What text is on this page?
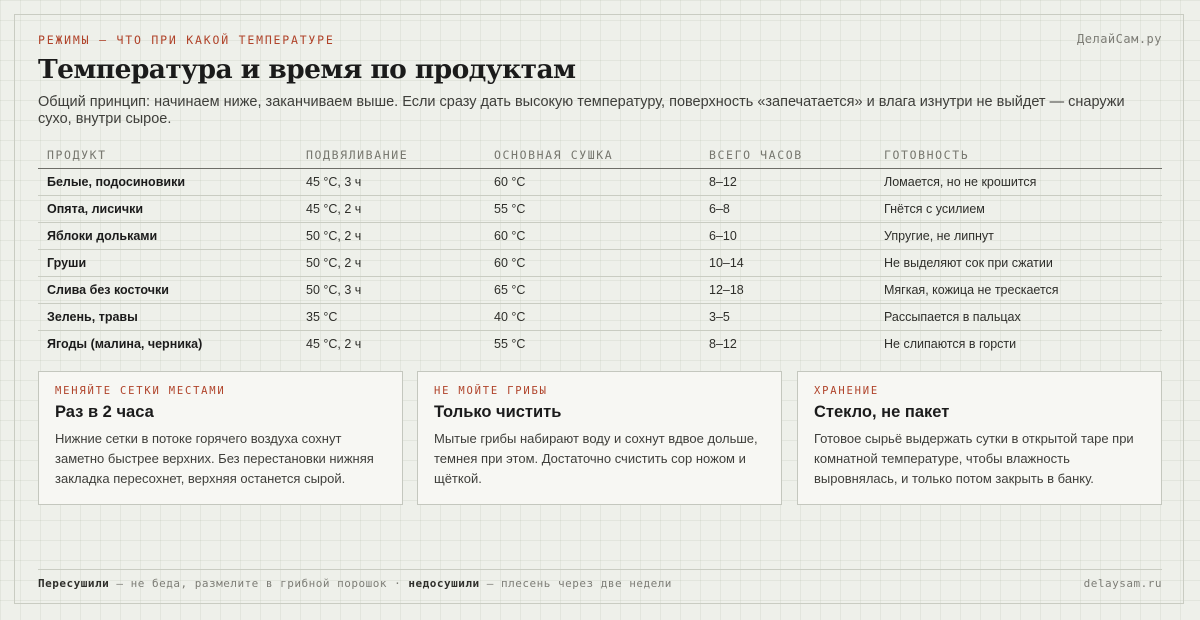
РЕЖИМЫ — ЧТО ПРИ КАКОЙ ТЕМПЕРАТУРЕ	ДелайСам.ру
Температура и время по продуктам

Общий принцип: начинаем ниже, заканчиваем выше. Если сразу дать высокую температуру, поверхность «запечатается» и влага изнутри не выйдет — снаружи сухо, внутри сырое.

ПРОДУКТ	ПОДВЯЛИВАНИЕ	ОСНОВНАЯ СУШКА	ВСЕГО ЧАСОВ	ГОТОВНОСТЬ
Белые, подосиновики	45 °C, 3 ч	60 °C	8–12	Ломается, но не крошится
Опята, лисички	45 °C, 2 ч	55 °C	6–8	Гнётся с усилием
Яблоки дольками	50 °C, 2 ч	60 °C	6–10	Упругие, не липнут
Груши	50 °C, 2 ч	60 °C	10–14	Не выделяют сок при сжатии
Слива без косточки	50 °C, 3 ч	65 °C	12–18	Мягкая, кожица не трескается
Зелень, травы	35 °C	40 °C	3–5	Рассыпается в пальцах
Ягоды (малина, черника)	45 °C, 2 ч	55 °C	8–12	Не слипаются в горсти
МЕНЯЙТЕ СЕТКИ МЕСТАМИ
Раз в 2 часа
Нижние сетки в потоке горячего воздуха сохнут заметно быстрее верхних. Без перестановки нижняя закладка пересохнет, верхняя останется сырой.
НЕ МОЙТЕ ГРИБЫ
Только чистить
Мытые грибы набирают воду и сохнут вдвое дольше, темнея при этом. Достаточно счистить сор ножом и щёткой.
ХРАНЕНИЕ
Стекло, не пакет
Готовое сырьё выдержать сутки в открытой таре при комнатной температуре, чтобы влажность выровнялась, и только потом закрыть в банку.
Пересушили — не беда, размелите в грибной порошок · недосушили — плесень через две недели	delaysam.ru
